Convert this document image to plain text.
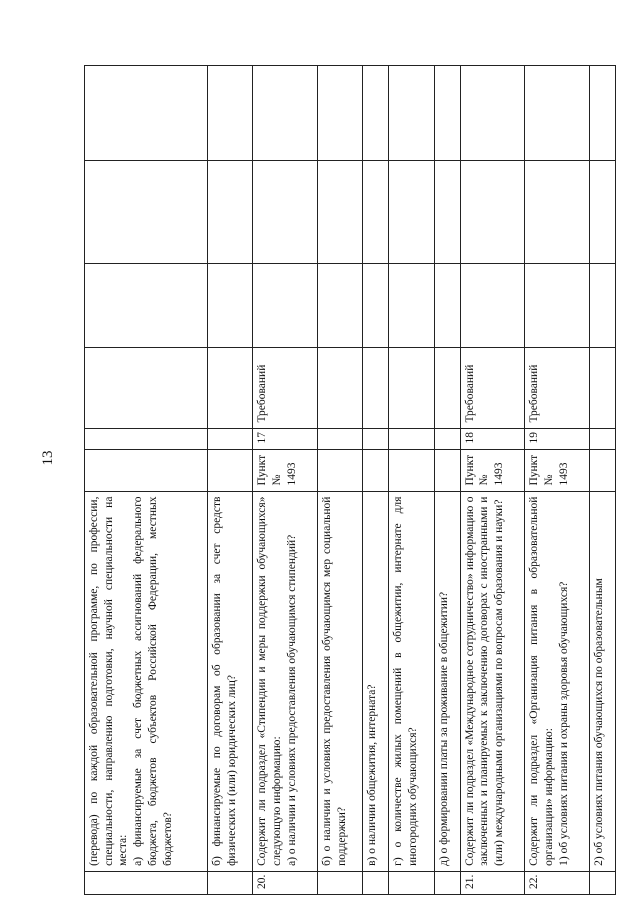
13

	(перевода) по каждой образовательной программе, по профессии, специальности, направлению подготовки, научной специальности на места:
а) финансируемые за счет бюджетных ассигнований федерального бюджета, бюджетов субъектов Российской Федерации, местных бюджетов?						

	б) финансируемые по договорам об образовании за счет средств физических и (или) юридических лиц?						

20.	Содержит ли подраздел «Стипендии и меры поддержки обучающихся» следующую информацию:
а) о наличии и условиях предоставления обучающимся стипендий?	Пункт
№ 1493	17	Требований			

	б) о наличии и условиях предоставления обучающимся мер социальной поддержки?						

	в) о наличии общежития, интерната?						

	г) о количестве жилых помещений в общежитии, интернате для иногородних обучающихся?						

	д) о формировании платы за проживание в общежитии?						

21.	Содержит ли подраздел «Международное сотрудничество» информацию о заключенных и планируемых к заключению договорах с иностранными и (или) международными организациями по вопросам образования и науки?	Пункт
№ 1493	18	Требований			

22.	Содержит ли подраздел «Организация питания в образовательной организации» информацию:
1) об условиях питания и охраны здоровья обучающихся?	Пункт
№ 1493	19	Требований			

	2) об условиях питания обучающихся по образовательным						
